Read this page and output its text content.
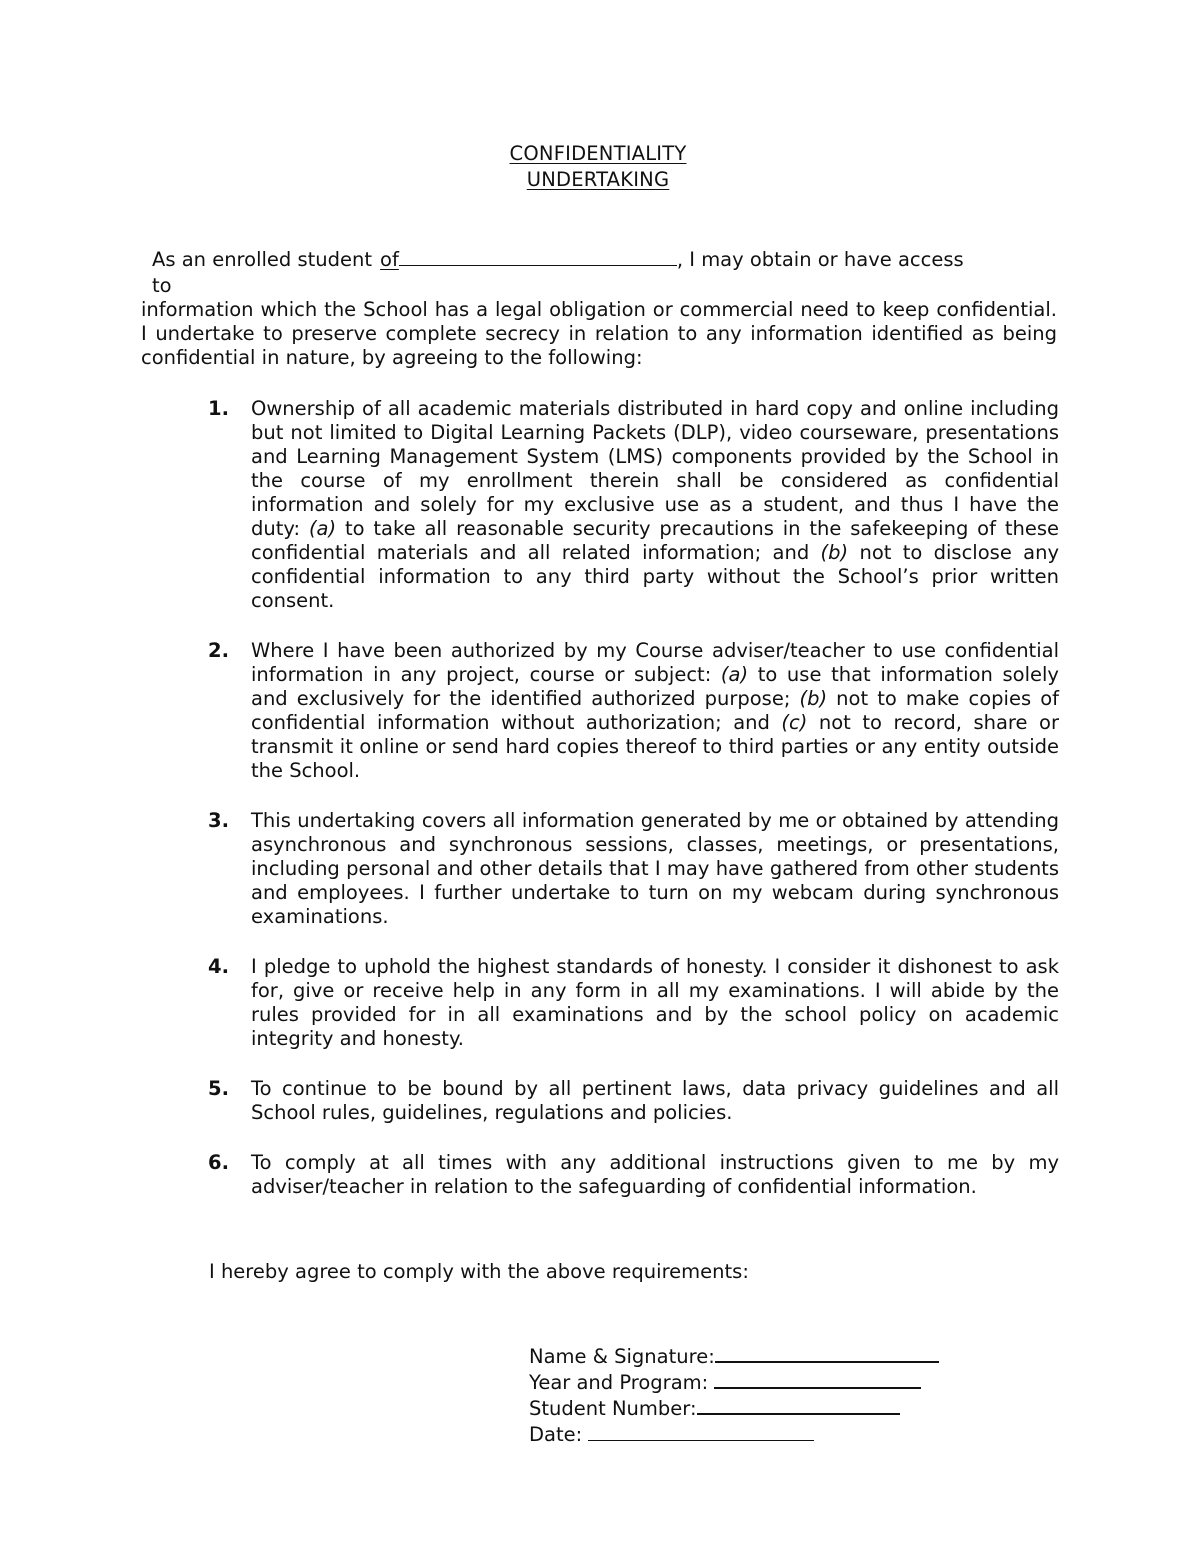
CONFIDENTIALITY
UNDERTAKING
As an enrolled student of	, I may obtain or have access
to
information which the School has a legal obligation or commercial need to keep confidential. I undertake to preserve complete secrecy in relation to any information identified as being confidential in nature, by agreeing to the following:
1. Ownership of all academic materials distributed in hard copy and online including but not limited to Digital Learning Packets (DLP), video courseware, presentations and Learning Management System (LMS) components provided by the School in the course of my enrollment therein shall be considered as confidential information and solely for my exclusive use as a student, and thus I have the duty: (a) to take all reasonable security precautions in the safekeeping of these confidential materials and all related information; and (b) not to disclose any confidential information to any third party without the School’s prior written consent.
2. Where I have been authorized by my Course adviser/teacher to use confidential information in any project, course or subject: (a) to use that information solely and exclusively for the identified authorized purpose; (b) not to make copies of confidential information without authorization; and (c) not to record, share or transmit it online or send hard copies thereof to third parties or any entity outside the School.
3. This undertaking covers all information generated by me or obtained by attending asynchronous and synchronous sessions, classes, meetings, or presentations, including personal and other details that I may have gathered from other students and employees. I further undertake to turn on my webcam during synchronous examinations.
4. I pledge to uphold the highest standards of honesty. I consider it dishonest to ask for, give or receive help in any form in all my examinations. I will abide by the rules provided for in all examinations and by the school policy on academic integrity and honesty.
5. To continue to be bound by all pertinent laws, data privacy guidelines and all School rules, guidelines, regulations and policies.
6. To comply at all times with any additional instructions given to me by my adviser/teacher in relation to the safeguarding of confidential information.
I hereby agree to comply with the above requirements:
Name & Signature:
Year and Program:
Student Number:
Date:
